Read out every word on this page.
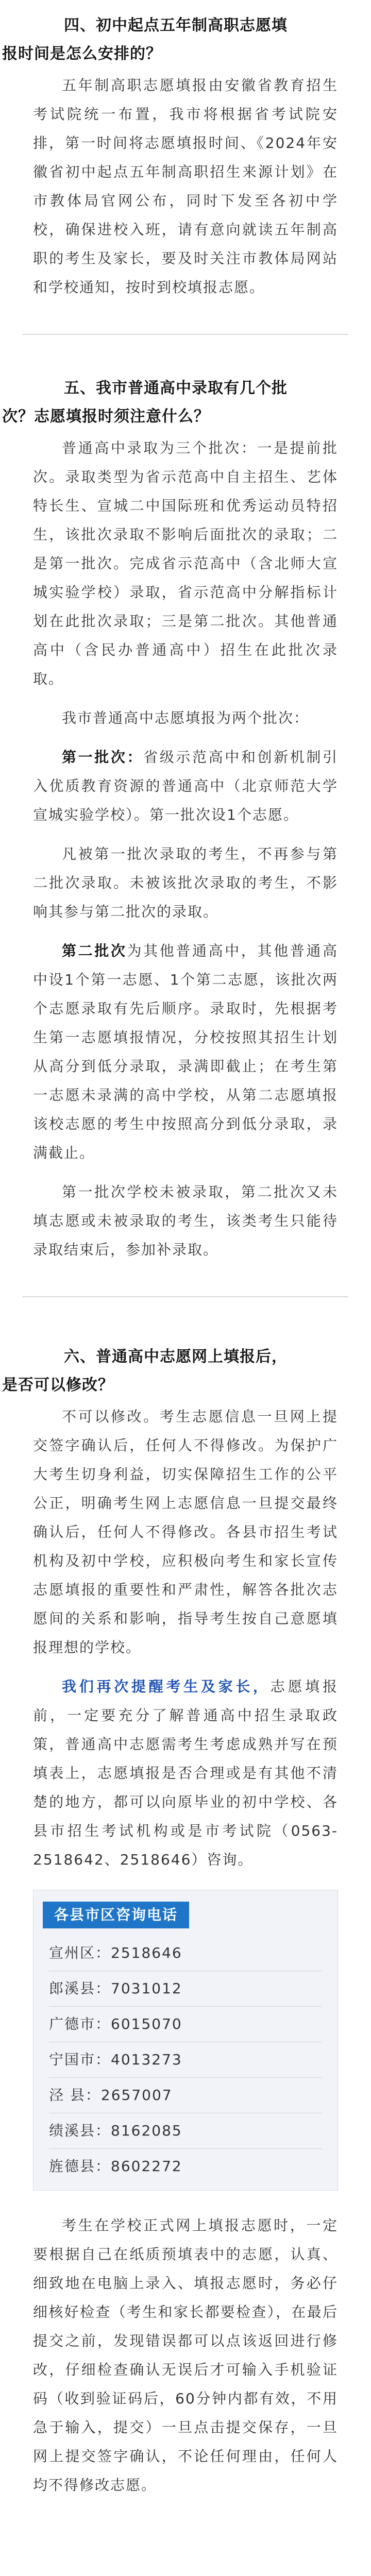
四、初中起点五年制高职志愿填
报时间是怎么安排的？

五年制高职志愿填报由安徽省教育招生考试院统一布置，我市将根据省考试院安排，第一时间将志愿填报时间、《2024年安徽省初中起点五年制高职招生来源计划》在市教体局官网公布，同时下发至各初中学校，确保进校入班，请有意向就读五年制高职的考生及家长，要及时关注市教体局网站和学校通知，按时到校填报志愿。

五、我市普通高中录取有几个批
次？志愿填报时须注意什么？

普通高中录取为三个批次：一是提前批次。录取类型为省示范高中自主招生、艺体特长生、宣城二中国际班和优秀运动员特招生，该批次录取不影响后面批次的录取；二是第一批次。完成省示范高中（含北师大宣城实验学校）录取，省示范高中分解指标计划在此批次录取；三是第二批次。其他普通高中（含民办普通高中）招生在此批次录取。

我市普通高中志愿填报为两个批次：

第一批次：省级示范高中和创新机制引入优质教育资源的普通高中（北京师范大学宣城实验学校）。第一批次设1个志愿。

凡被第一批次录取的考生，不再参与第二批次录取。未被该批次录取的考生，不影响其参与第二批次的录取。

第二批次为其他普通高中，其他普通高中设1个第一志愿、1个第二志愿，该批次两个志愿录取有先后顺序。录取时，先根据考生第一志愿填报情况，分校按照其招生计划从高分到低分录取，录满即截止；在考生第一志愿未录满的高中学校，从第二志愿填报该校志愿的考生中按照高分到低分录取，录满截止。

第一批次学校未被录取，第二批次又未填志愿或未被录取的考生，该类考生只能待录取结束后，参加补录取。

六、普通高中志愿网上填报后，
是否可以修改？

不可以修改。考生志愿信息一旦网上提交签字确认后，任何人不得修改。为保护广大考生切身利益，切实保障招生工作的公平公正，明确考生网上志愿信息一旦提交最终确认后，任何人不得修改。各县市招生考试机构及初中学校，应积极向考生和家长宣传志愿填报的重要性和严肃性，解答各批次志愿间的关系和影响，指导考生按自己意愿填报理想的学校。

我们再次提醒考生及家长，志愿填报前，一定要充分了解普通高中招生录取政策，普通高中志愿需考生考虑成熟并写在预填表上，志愿填报是否合理或是有其他不清楚的地方，都可以向原毕业的初中学校、各县市招生考试机构或是市考试院（0563-2518642、2518646）咨询。

各县市区咨询电话
宣州区：2518646
郎溪县：7031012
广德市：6015070
宁国市：4013273
泾 县：2657007
绩溪县：8162085
旌德县：8602272

考生在学校正式网上填报志愿时，一定要根据自己在纸质预填表中的志愿，认真、细致地在电脑上录入、填报志愿时，务必仔细核好检查（考生和家长都要检查），在最后提交之前，发现错误都可以点该返回进行修改，仔细检查确认无误后才可输入手机验证码（收到验证码后，60分钟内都有效，不用急于输入，提交）一旦点击提交保存，一旦网上提交签字确认，不论任何理由，任何人均不得修改志愿。
